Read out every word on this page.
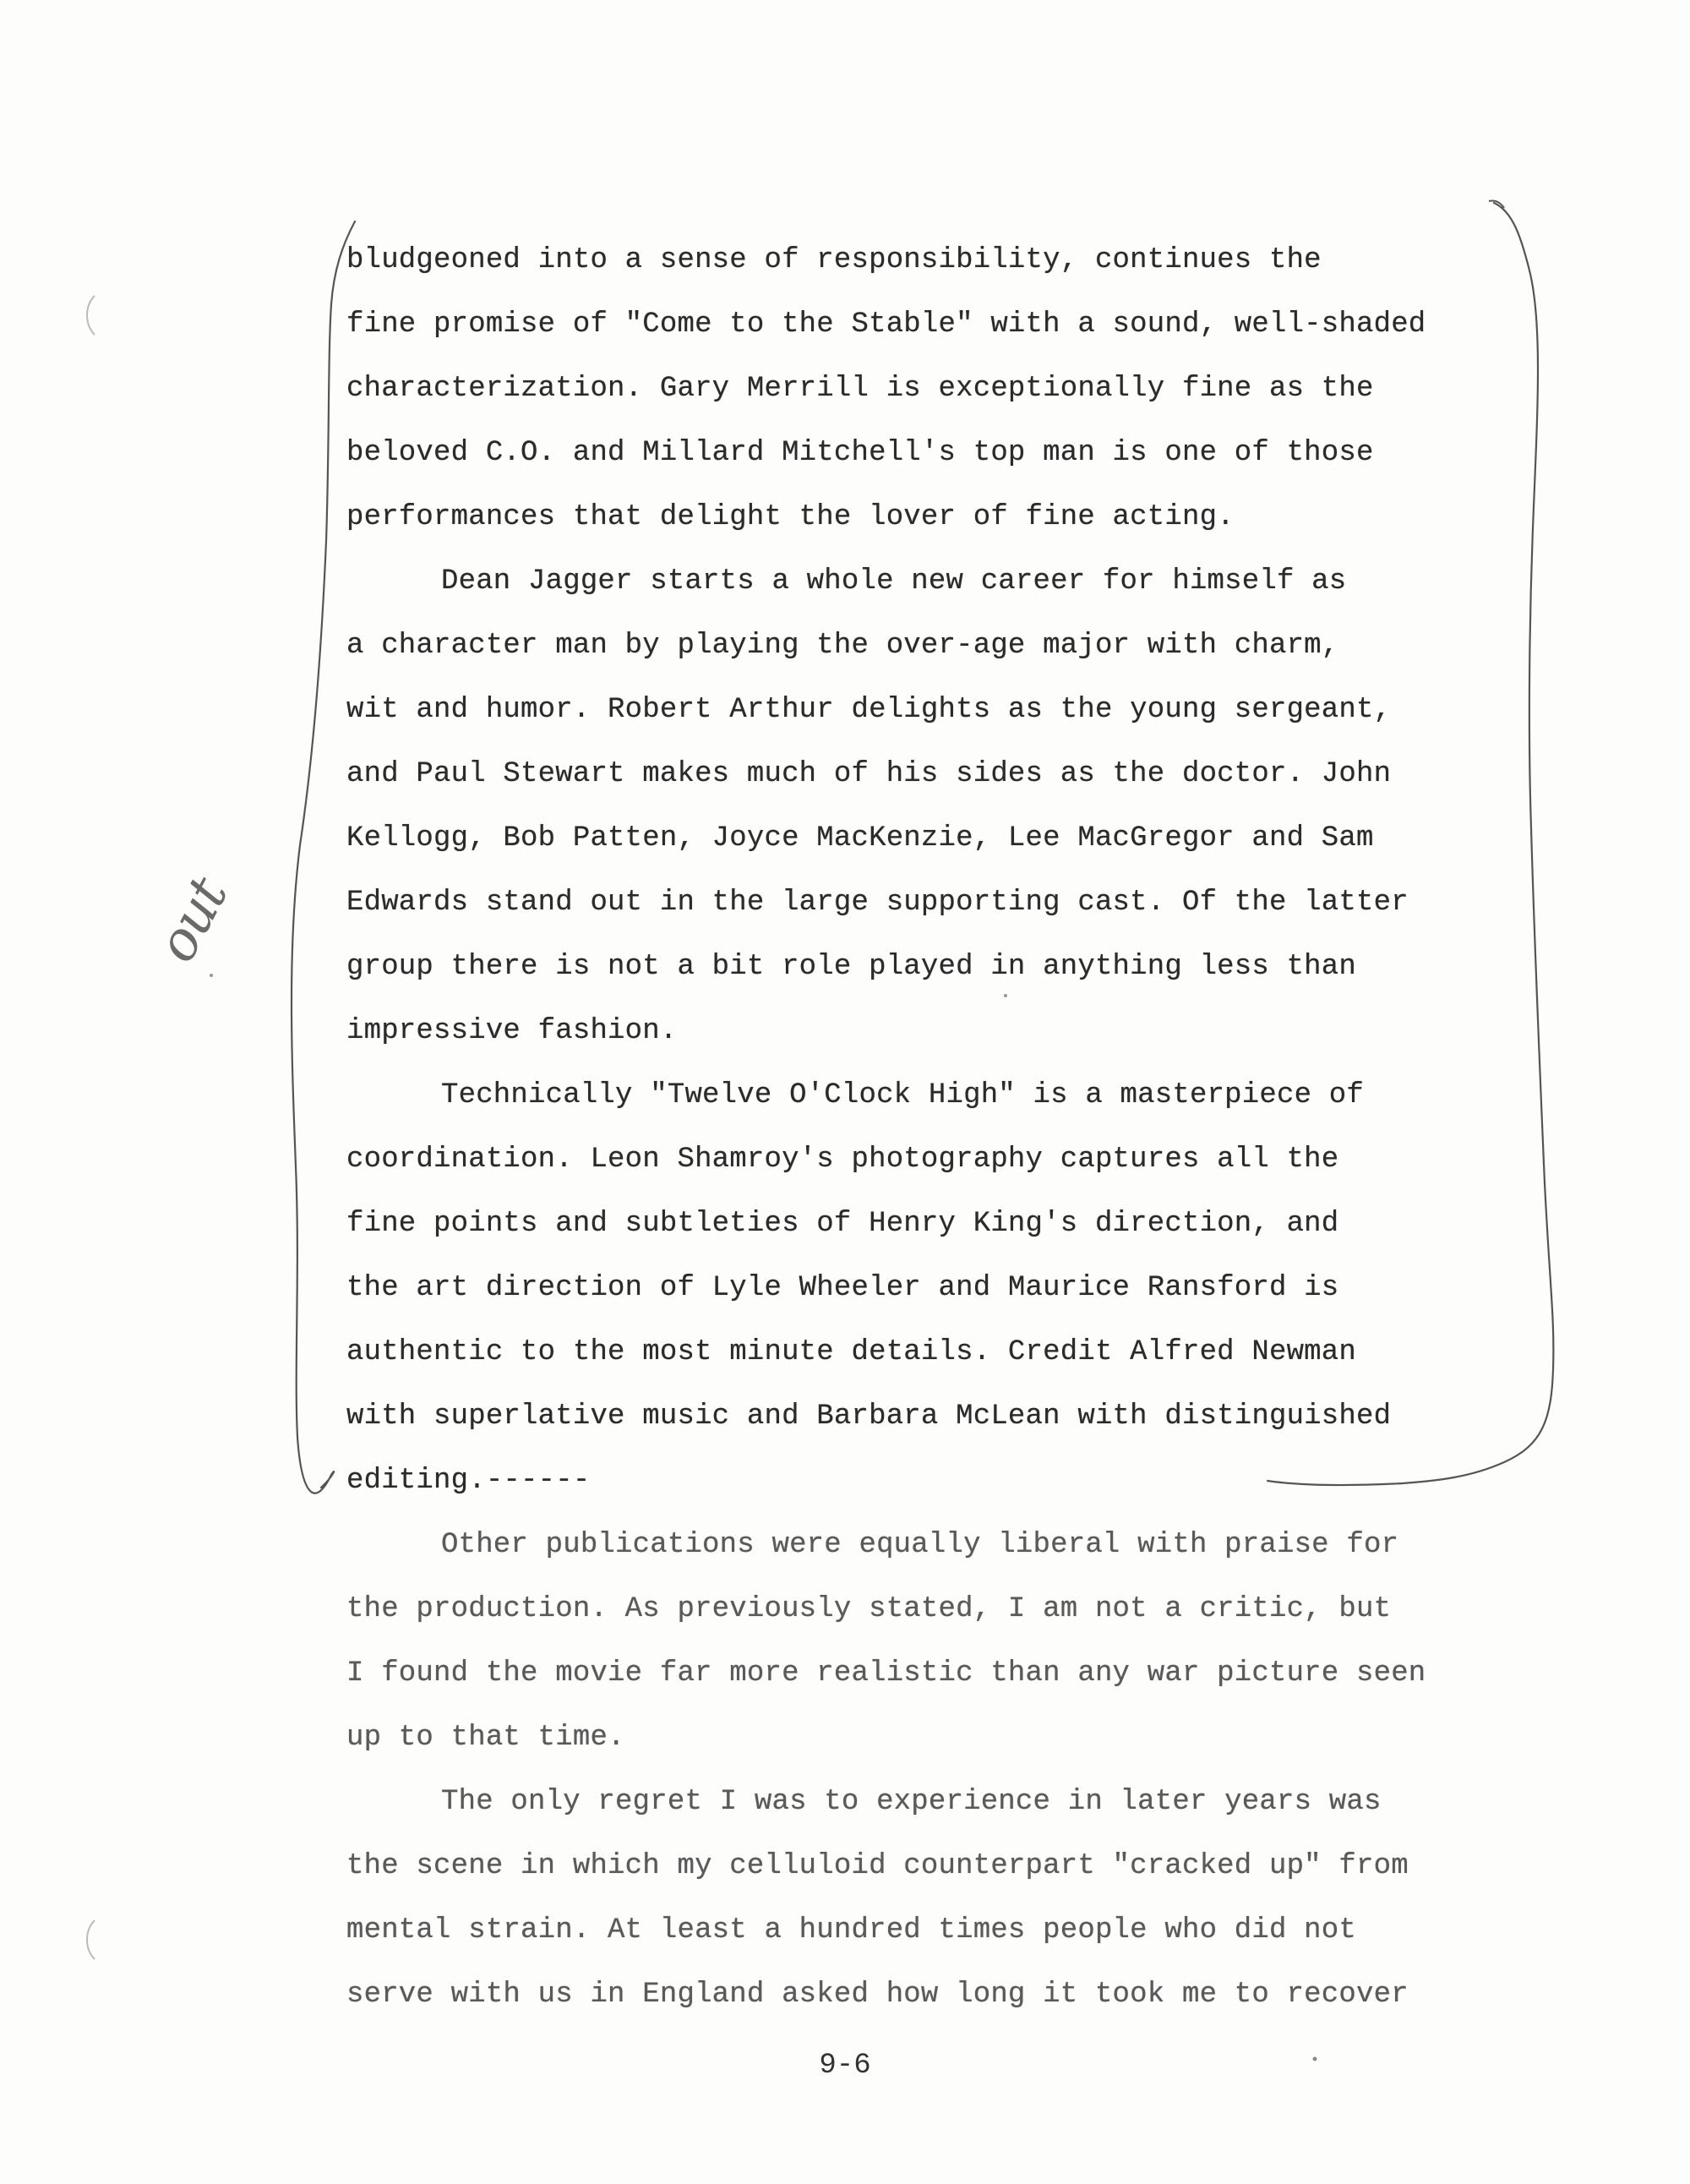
out
bludgeoned into a sense of responsibility, continues the
fine promise of "Come to the Stable" with a sound, well-shaded
characterization. Gary Merrill is exceptionally fine as the
beloved C.O. and Millard Mitchell's top man is one of those
performances that delight the lover of fine acting.
Dean Jagger starts a whole new career for himself as
a character man by playing the over-age major with charm,
wit and humor. Robert Arthur delights as the young sergeant,
and Paul Stewart makes much of his sides as the doctor. John
Kellogg, Bob Patten, Joyce MacKenzie, Lee MacGregor and Sam
Edwards stand out in the large supporting cast. Of the latter
group there is not a bit role played in anything less than
impressive fashion.
Technically "Twelve O'Clock High" is a masterpiece of
coordination. Leon Shamroy's photography captures all the
fine points and subtleties of Henry King's direction, and
the art direction of Lyle Wheeler and Maurice Ransford is
authentic to the most minute details. Credit Alfred Newman
with superlative music and Barbara McLean with distinguished
editing.------
Other publications were equally liberal with praise for
the production. As previously stated, I am not a critic, but
I found the movie far more realistic than any war picture seen
up to that time.
The only regret I was to experience in later years was
the scene in which my celluloid counterpart "cracked up" from
mental strain. At least a hundred times people who did not
serve with us in England asked how long it took me to recover
9-6
